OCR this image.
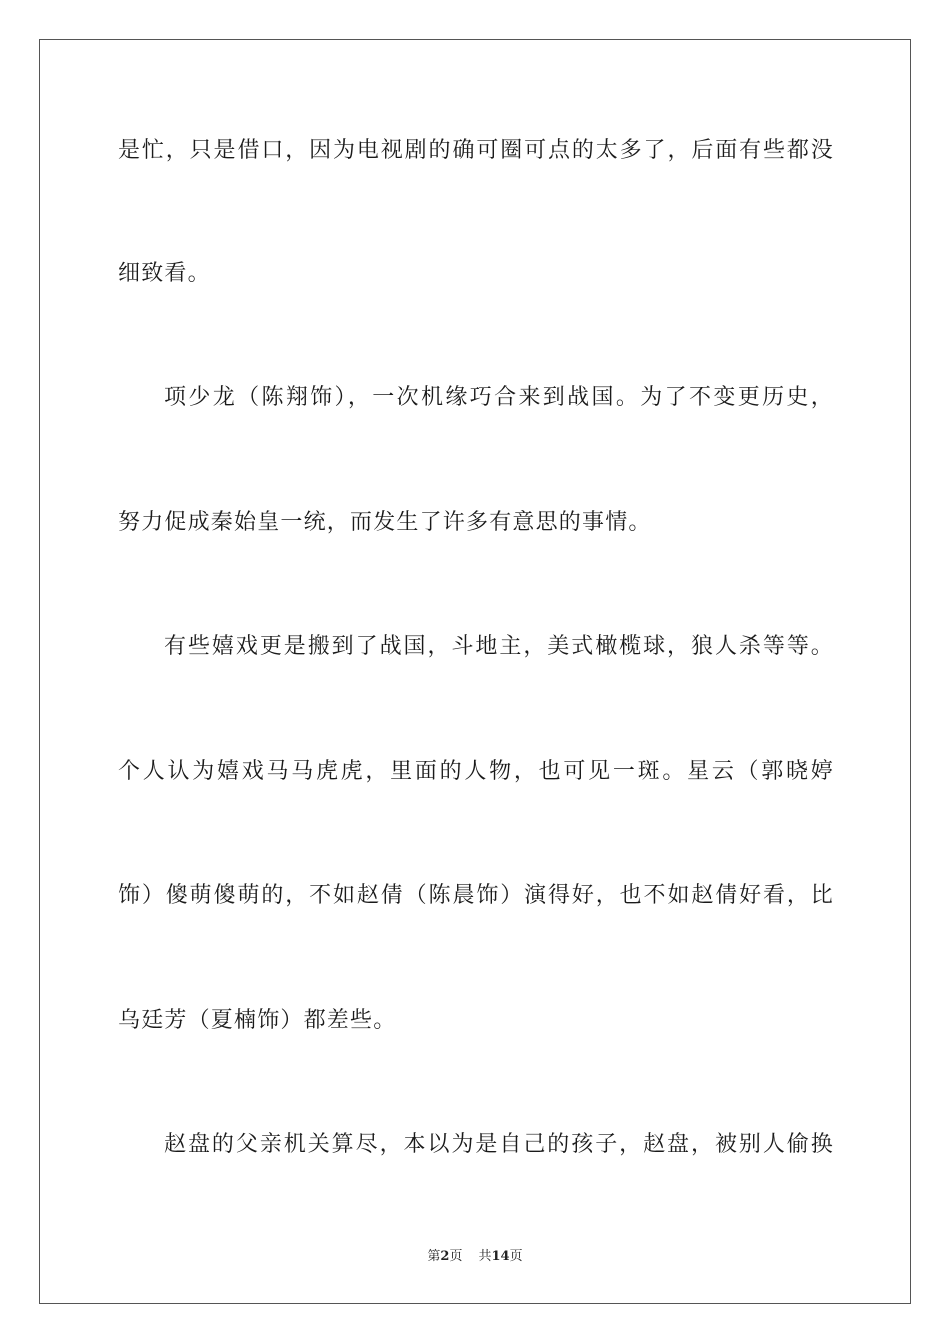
是忙，只是借口，因为电视剧的确可圈可点的太多了，后面有些都没
细致看。
项少龙（陈翔饰），一次机缘巧合来到战国。为了不变更历史，
努力促成秦始皇一统，而发生了许多有意思的事情。
有些嬉戏更是搬到了战国，斗地主，美式橄榄球，狼人杀等等。
个人认为嬉戏马马虎虎，里面的人物，也可见一斑。星云（郭晓婷
饰）傻萌傻萌的，不如赵倩（陈晨饰）演得好，也不如赵倩好看，比
乌廷芳（夏楠饰）都差些。
赵盘的父亲机关算尽，本以为是自己的孩子，赵盘，被别人偷换
第2页 共14页
